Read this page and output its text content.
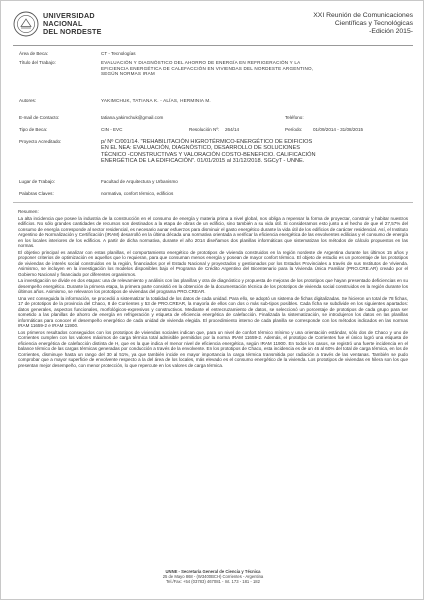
UNIVERSIDAD
NACIONAL
DEL NORDESTE
XXI Reunión de Comunicaciones
Científicas y Tecnológicas
-Edición 2015-
Área de Beca:	CT - Tecnologías
Título del Trabajo:	EVALUACIÓN Y DIAGNÓSTICO DEL AHORRO DE ENERGÍA EN REFRIGERACIÓN Y LA
EFICIENCIA ENERGÉTICA DE CALEFACCIÓN EN VIVIENDAS DEL NORDESTE ARGENTINO,
SEGÚN NORMAS IRAM
Autores:	YAKIMCHUK, TATIANA K. - ALÍAS, HERMINIA M.
E-mail de Contacto:	tatiana.yakimchuk@gmail.com	Teléfono:
Tipo de Beca:	CIN - EVC	Resolución Nº: 264/14	Período: 01/09/2014 - 31/08/2015
Proyecto Acreditado:	p/ Nº C/001/14. "REHABILITACIÓN HIGROTÉRMICO-ENERGÉTICO DE EDIFICIOS
EN EL NEA: EVALUACIÓN, DIAGNÓSTICO, DESARROLLO DE SOLUCIONES
TÉCNICO -CONSTRUCTIVAS Y VALORACIÓN COSTO-BENEFICIO. CALIFICACIÓN
ENERGÉTICA DE LA EDIFICACIÓN". 01/01/2015 al 31/12/2018. SGCyT - UNNE.
Lugar de Trabajo:	Facultad de Arquitectura y Urbanismo
Palabras Claves:	normativa, confort térmico, edificios

Resumen:

La alta incidencia que posee la industria de la construcción en el consumo de energía y materia prima a nivel global, nos obliga a repensar la forma de proyectar, construir y habitar nuestros edificios. No sólo grandes cantidades de recursos son destinados a la etapa de obras de un edificio, sino también a su vida útil. Si consideramos esto junto a el hecho de que el 27,57% del consumo de energía corresponde al sector residencial, es necesario aunar esfuerzos para disminuir el gasto energético durante la vida útil de los edificios de carácter residencial. Así, el Instituto Argentino de Normalización y Certificación (IRAM) desarrolló en la última década una normativa orientada a verificar la eficiencia energética de las envolventes edilicias y el consumo de energía en los locales interiores de los edificios. A partir de dicha normativa, durante el año 2014 diseñamos dos planillas informáticas que sistematizan los métodos de cálculo propuestos en las normas.

El objetivo principal es analizar con estas planillas, el comportamiento energético de prototipos de vivienda construidos en la región nordeste de Argentina durante los últimos 15 años y proponer criterios de optimización en aquellos que lo requieran, para que consuman menos energía y posean de mayor confort térmico. El objeto de estudio es un porcentaje de los prototipos de viviendas de interés social construidos en la región, financiados por el Estado Nacional y proyectados y gestionados por los Estados Provinciales a través de sus Institutos de Vivienda. Asimismo, se incluyen en la investigación los modelos disponibles bajo el Programa de Crédito Argentino del Bicentenario para la Vivienda Única Familiar (PRO.CRE.AR) creado por el Gobierno Nacional y financiado por diferentes organismos.

La investigación se divide en dos etapas: una de relevamiento y análisis con las planillas y otra de diagnóstico y propuesta de mejoras de los prototipos que hayan presentado deficiencias en su desempeño energético. Durante la primera etapa, la primera parte consistió en la obtención de la documentación técnica de los prototipos de vivienda social construidos en la región durante los últimos años. Asimismo, se relevaron los prototipos de viviendas del programa PRO.CREAR.

Una vez conseguida la información, se procedió a sistematizar la totalidad de los datos de cada unidad. Para ello, se adoptó un sistema de fichas digitalizadas. Se hicieron un total de 78 fichas, 17 de prototipos de la provincia del Chaco, 8 de Corrientes y 53 de PRO.CREAR, la mayoría de ellos con dos o más sub-tipos posibles. Cada ficha se subdivide en los siguientes apartados: datos generales, aspectos funcionales, morfológicos-expresivos y constructivos. Mediante el entrecruzamiento de datos, se seleccionó un porcentaje de prototipos de cada grupo para ser sometido a las planillas de ahorro de energía en refrigeración y etiqueta de eficiencia energética de calefacción. Finalizada la sistematización, se introdujeron los datos en las planillas informáticas para conocer el desempeño energético de cada unidad de vivienda elegida. El procedimiento interno de cada planilla se corresponde con los métodos indicados en las normas IRAM 11659-2 e IRAM 11900.

Los primeros resultados conseguidos con los prototipos de viviendas sociales indican que, para un nivel de confort térmico mínimo y una orientación estándar, sólo dos de Chaco y uno de Corrientes cumplen con los valores máximos de carga térmica total admisible permitidos por la norma IRAM 11659-2. Además, el prototipo de Corrientes fue el único logró una etiqueta de eficiencia energética de calefacción distinta de H, que es la que indica el menor nivel de eficiencia energética, según IRAM 11900. En todos los casos, se registró una fuerte incidencia en el balance térmico de las cargas térmicas generadas por conducción a través de la envolvente. En los prototipos de Chaco, esta incidencia es de un 46 al 60% del total de carga térmica, en los de Corrientes, disminuye hasta un rango del 30 al 51%, ya que también incide en mayor importancia la carga térmica transmitida por radiación a través de las ventanas. También se pudo comprobar que a mayor superficie de envolvente respecto a la del área de los locales, más elevado es el consumo energético de la vivienda. Los prototipos de viviendas en hilera son los que presentan mejor desempeño, con menor protección, lo que repercute en los valores de carga térmica.

UNNE - Secretaría General de Ciencia y Técnica
25 de Mayo 868 - (W3400BCH) Corrientes - Argentina
Tel./Fax: +54 (03783) 467081 - Int. 173 - 181 - 182
